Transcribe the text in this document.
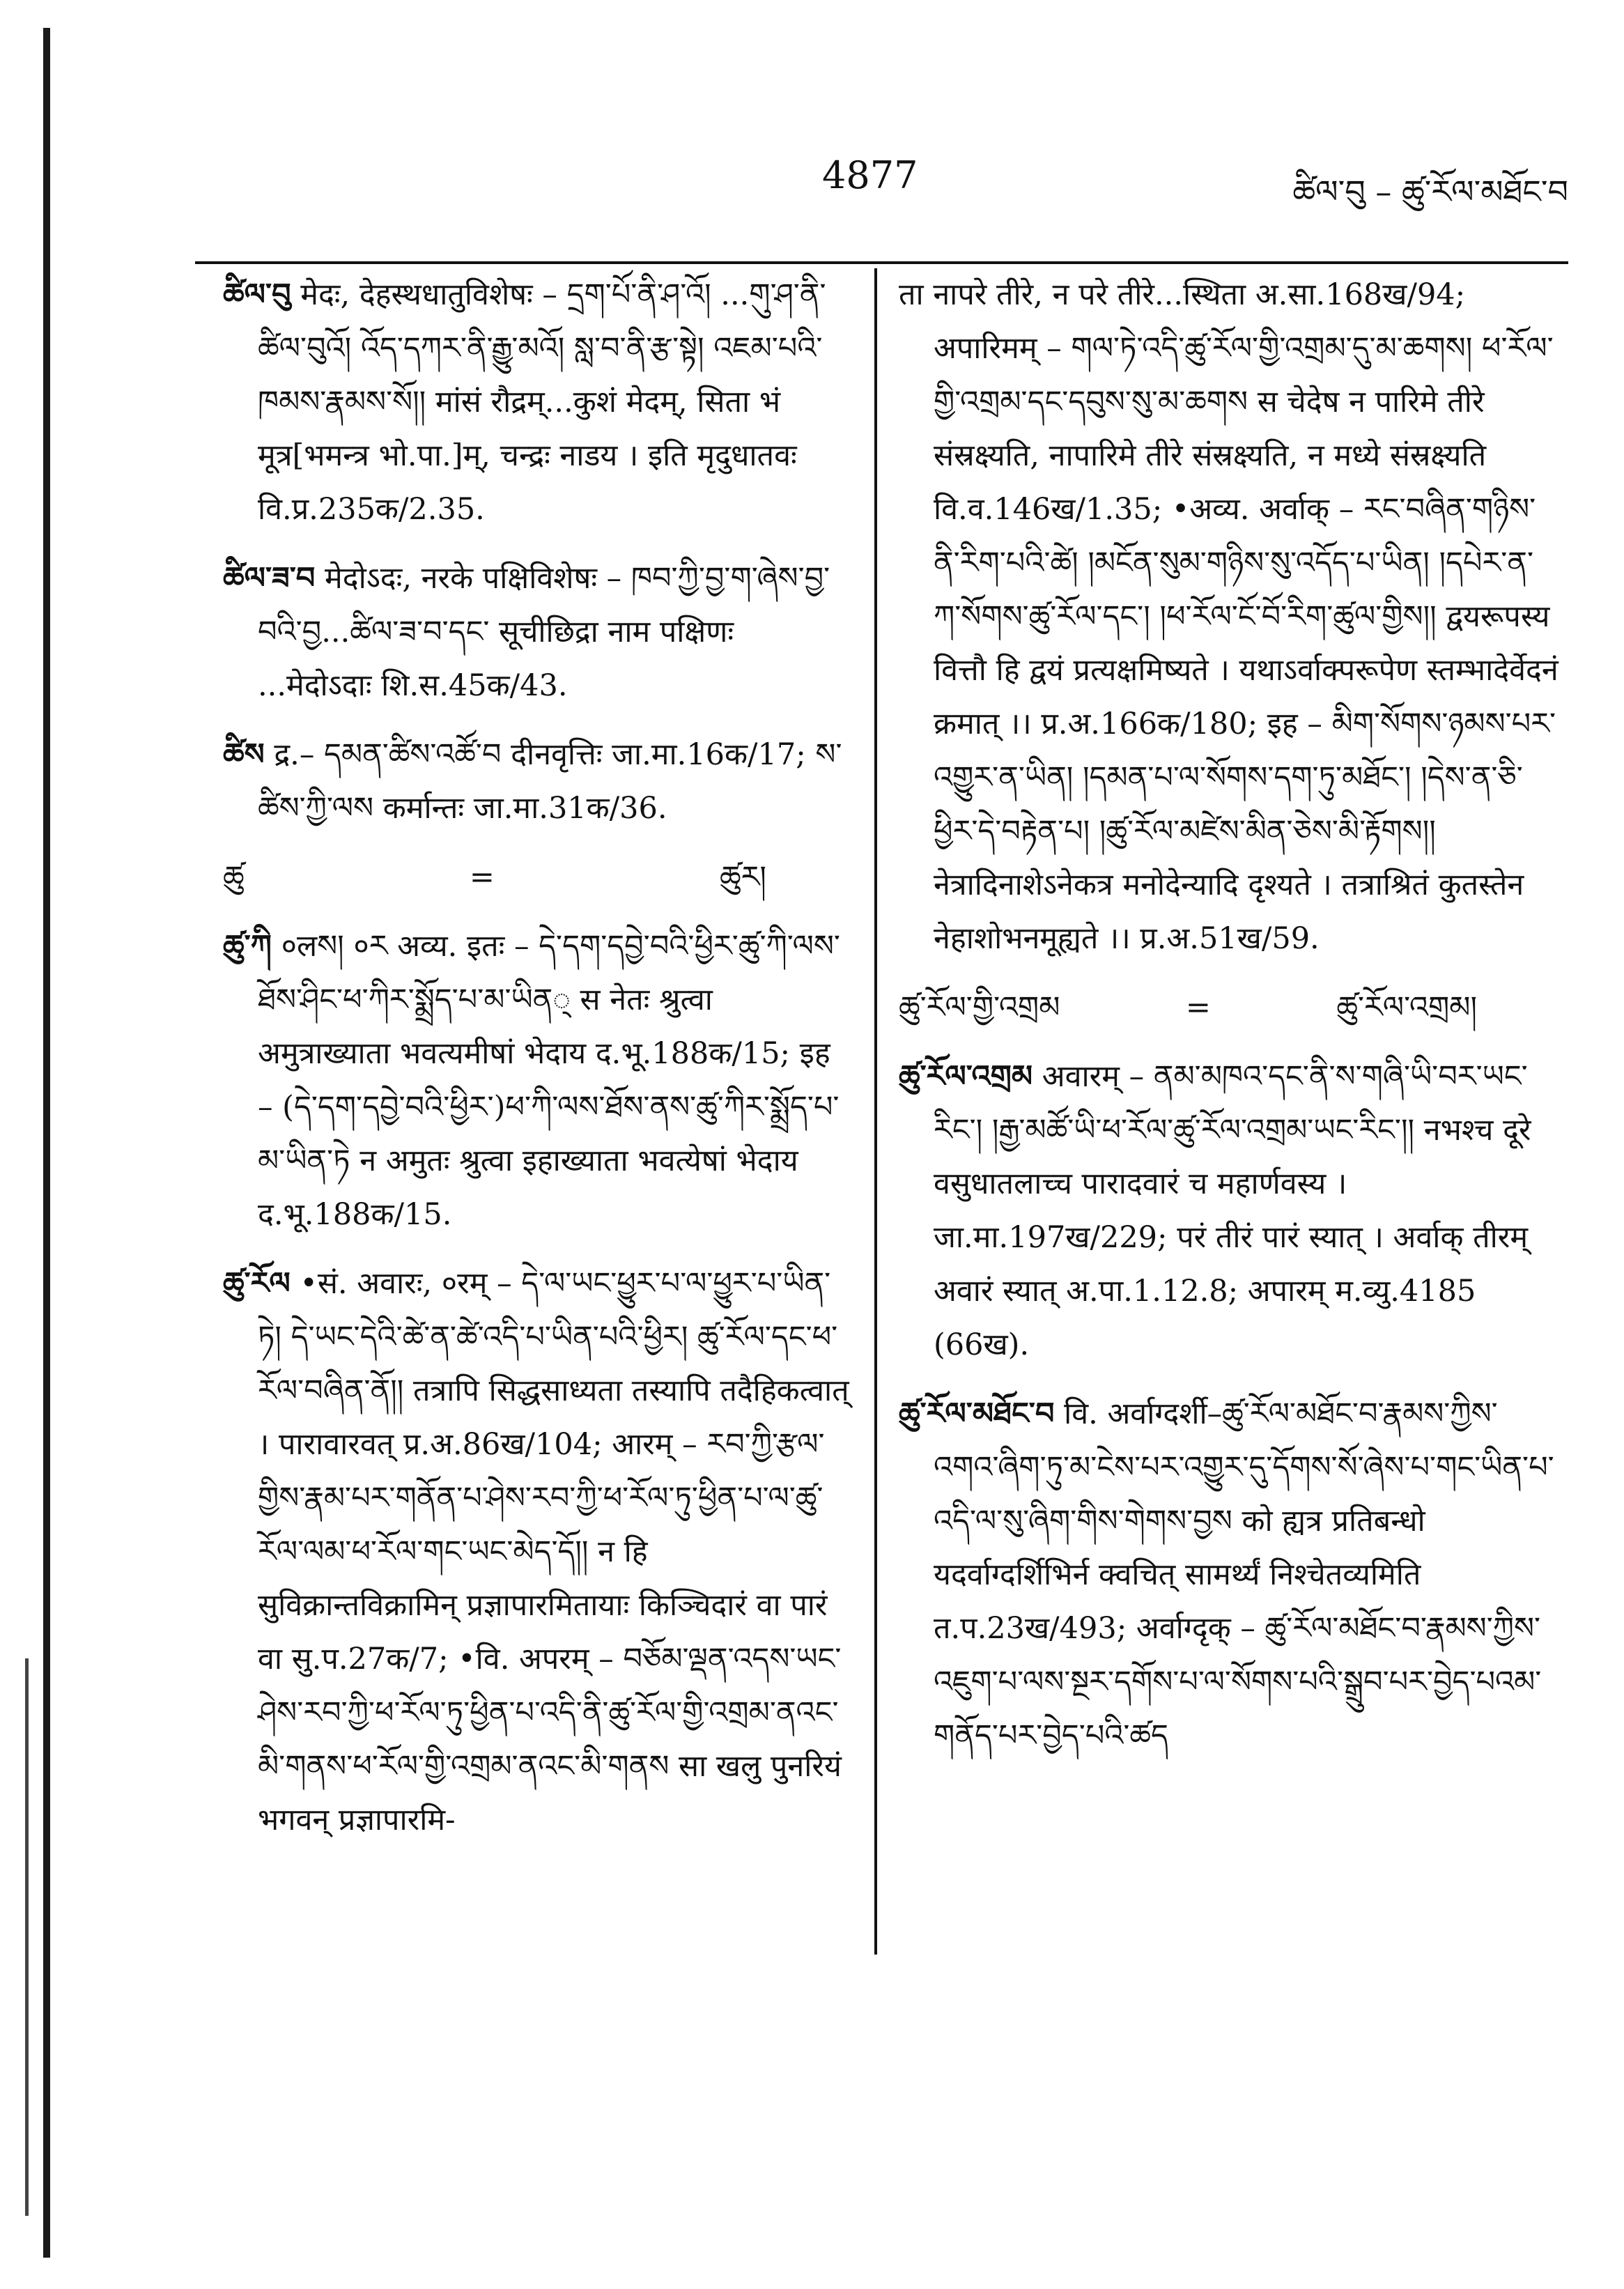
4877	ཚིལ་བུ – ཚུ་རོལ་མཐོང་བ
ཚིལ་བུ मेदः, देहस्थधातुविशेषः – དྲག་པོ་ནི་ཤ་འོ། ...གུ་ཤ་ནི་ཚིལ་བུའོ། འོད་དཀར་ནི་རྒྱུ་མའོ། སླ་བ་ནི་རྩ་སྟེ། འཇམ་པའི་ཁམས་རྣམས་སོ།། मांसं रौद्रम्...कुशं मेदम्, सिता भं मूत्र[भमन्त्र भो.पा.]म्, चन्द्रः नाडय । इति मृदुधातवः वि.प्र.235क/2.35.
ཚིལ་ཟ་བ मेदोऽदः, नरके पक्षिविशेषः – ཁབ་ཀྱི་བྱ་ག་ཞེས་བྱ་བའི་བྱ...ཚིལ་ཟ་བ་དང་ सूचीछिद्रा नाम पक्षिणः ...मेदोऽदाः शि.स.45क/43.
ཚིས द्र.– དམན་ཚིས་འཚོ་བ दीनवृत्तिः जा.मा.16क/17; ས་ཚིས་ཀྱི་ལས कर्मान्तः जा.मा.31क/36.
ཚུ	=	ཚུར།
ཚུ་ཀི ०लས། ०ར अव्य. इतः – དེ་དག་དབྱེ་བའི་ཕྱིར་ཚུ་ཀི་ལས་ཐོས་ཤིང་ཕ་ཀིར་སྨྲོད་པ་མ་ཡིན् स नेतः श्रुत्वा अमुत्राख्याता भवत्यमीषां भेदाय द.भू.188क/15; इह – (དེ་དག་དབྱེ་བའི་ཕྱིར་)ཕ་ཀི་ལས་ཐོས་ནས་ཚུ་ཀིར་སྨྲོད་པ་མ་ཡིན་ཏེ न अमुतः श्रुत्वा इहाख्याता भवत्येषां भेदाय द.भू.188क/15.
ཚུ་རོལ •सं. अवारः, ०रम् – དེ་ལ་ཡང་ཕྱུར་པ་ལ་ཕྱུར་པ་ཡིན་ཏེ། དེ་ཡང་དེའི་ཚེ་ན་ཚེ་འདི་པ་ཡིན་པའི་ཕྱིར། ཚུ་རོལ་དང་ཕ་རོལ་བཞིན་ནོ།། तत्रापि सिद्धसाध्यता तस्यापि तदैहिकत्वात् । पारावारवत् प्र.अ.86ख/104; आरम् – རབ་ཀྱི་རྩལ་གྱིས་རྣམ་པར་གནོན་པ་ཤེས་རབ་ཀྱི་ཕ་རོལ་ཏུ་ཕྱིན་པ་ལ་ཚུ་རོལ་ལམ་ཕ་རོལ་གང་ཡང་མེད་དོ།། न हि सुविक्रान्तविक्रामिन् प्रज्ञापारमितायाः किञ्चिदारं वा पारं वा सु.प.27क/7; •वि. अपरम् – བཅོམ་ལྡན་འདས་ཡང་ཤེས་རབ་ཀྱི་ཕ་རོལ་ཏུ་ཕྱིན་པ་འདི་ནི་ཚུ་རོལ་གྱི་འགྲམ་ནའང་མི་གནས་ཕ་རོལ་གྱི་འགྲམ་ནའང་མི་གནས सा खलु पुनरियं भगवन् प्रज्ञापारमि-
ता नापरे तीरे, न परे तीरे...स्थिता अ.सा.168ख/94; अपारिमम् – གལ་ཏེ་འདི་ཚུ་རོལ་གྱི་འགྲམ་དུ་མ་ཆགས། ཕ་རོལ་གྱི་འགྲམ་དང་དབུས་སུ་མ་ཆགས स चेदेष न पारिमे तीरे संस्रक्ष्यति, नापारिमे तीरे संस्रक्ष्यति, न मध्ये संस्रक्ष्यति वि.व.146ख/1.35; •अव्य. अर्वाक् – རང་བཞིན་གཉིས་ནི་རིག་པའི་ཚེ། །མངོན་སུམ་གཉིས་སུ་འདོད་པ་ཡིན། །དཔེར་ན་ཀ་སོགས་ཚུ་རོལ་དང་། །ཕ་རོལ་ངོ་བོ་རིག་ཚུལ་གྱིས།། द्वयरूपस्य वित्तौ हि द्वयं प्रत्यक्षमिष्यते । यथाऽर्वाक्परूपेण स्तम्भादेर्वेदनं क्रमात् ।। प्र.अ.166क/180; इह – མིག་སོགས་ཉམས་པར་འགྱུར་ན་ཡིན། །དམན་པ་ལ་སོགས་དག་ཏུ་མཐོང་། །དེས་ན་ཅི་ཕྱིར་དེ་བརྟེན་པ། །ཚུ་རོལ་མཛེས་མིན་ཅེས་མི་རྟོགས།། नेत्रादिनाशेऽनेकत्र मनोदेन्यादि दृश्यते । तत्राश्रितं कुतस्तेन नेहाशोभनमूह्यते ।। प्र.अ.51ख/59.
ཚུ་རོལ་གྱི་འགྲམ	=	ཚུ་རོལ་འགྲམ།
ཚུ་རོལ་འགྲམ अवारम् – ནམ་མཁའ་དང་ནི་ས་གཞི་ཡི་བར་ཡང་རིང་། །རྒྱ་མཚོ་ཡི་ཕ་རོལ་ཚུ་རོལ་འགྲམ་ཡང་རིང་།། नभश्च दूरे वसुधातलाच्च पारादवारं च महार्णवस्य । जा.मा.197ख/229; परं तीरं पारं स्यात् । अर्वाक् तीरम् अवारं स्यात् अ.पा.1.12.8; अपारम् म.व्यु.4185 (66ख).
ཚུ་རོལ་མཐོང་བ वि. अर्वाग्दर्शी–ཚུ་རོལ་མཐོང་བ་རྣམས་ཀྱིས་འགའ་ཞིག་ཏུ་མ་ངེས་པར་འགྱུར་དུ་དོགས་སོ་ཞེས་པ་གང་ཡིན་པ་འདི་ལ་སུ་ཞིག་གིས་གེགས་བྱས को ह्यत्र प्रतिबन्धो यदर्वाग्दर्शिभिर्न क्वचित् सामर्थ्यं निश्चेतव्यमिति त.प.23ख/493; अर्वाग्दृक् – ཚུ་རོལ་མཐོང་བ་རྣམས་ཀྱིས་འཇུག་པ་ལས་སྔར་དགོས་པ་ལ་སོགས་པའི་སྒྲུབ་པར་བྱེད་པའམ་གནོད་པར་བྱེད་པའི་ཚད
